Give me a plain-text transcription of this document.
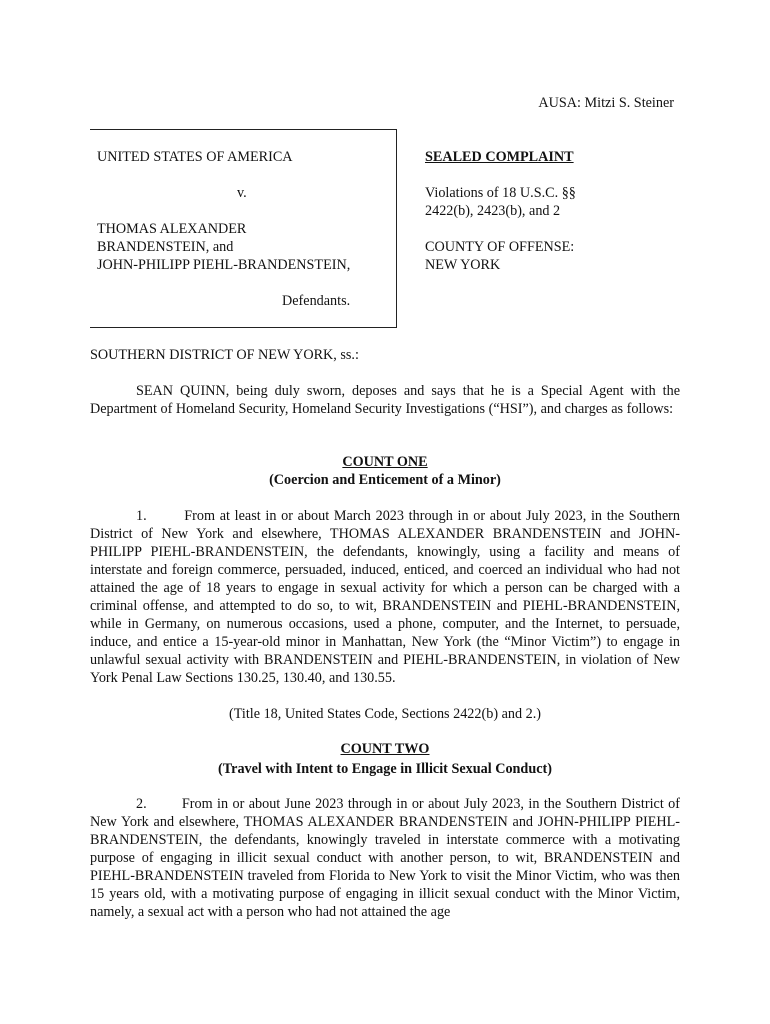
AUSA: Mitzi S. Steiner
UNITED STATES OF AMERICA
v.
THOMAS ALEXANDER
BRANDENSTEIN, and
JOHN-PHILIPP PIEHL-BRANDENSTEIN,
Defendants.
SEALED COMPLAINT
Violations of 18 U.S.C. §§
2422(b), 2423(b), and 2
COUNTY OF OFFENSE:
NEW YORK
SOUTHERN DISTRICT OF NEW YORK, ss.:
SEAN QUINN, being duly sworn, deposes and says that he is a Special Agent with the Department of Homeland Security, Homeland Security Investigations (“HSI”), and charges as follows:
COUNT ONE
(Coercion and Enticement of a Minor)
1.        From at least in or about March 2023 through in or about July 2023, in the Southern District of New York and elsewhere, THOMAS ALEXANDER BRANDENSTEIN and JOHN-PHILIPP PIEHL-BRANDENSTEIN, the defendants, knowingly, using a facility and means of interstate and foreign commerce, persuaded, induced, enticed, and coerced an individual who had not attained the age of 18 years to engage in sexual activity for which a person can be charged with a criminal offense, and attempted to do so, to wit, BRANDENSTEIN and PIEHL-BRANDENSTEIN, while in Germany, on numerous occasions, used a phone, computer, and the Internet, to persuade, induce, and entice a 15-year-old minor in Manhattan, New York (the “Minor Victim”) to engage in unlawful sexual activity with BRANDENSTEIN and PIEHL-BRANDENSTEIN, in violation of New York Penal Law Sections 130.25, 130.40, and 130.55.
(Title 18, United States Code, Sections 2422(b) and 2.)
COUNT TWO
(Travel with Intent to Engage in Illicit Sexual Conduct)
2.        From in or about June 2023 through in or about July 2023, in the Southern District of New York and elsewhere, THOMAS ALEXANDER BRANDENSTEIN and JOHN-PHILIPP PIEHL-BRANDENSTEIN, the defendants, knowingly traveled in interstate commerce with a motivating purpose of engaging in illicit sexual conduct with another person, to wit, BRANDENSTEIN and PIEHL-BRANDENSTEIN traveled from Florida to New York to visit the Minor Victim, who was then 15 years old, with a motivating purpose of engaging in illicit sexual conduct with the Minor Victim, namely, a sexual act with a person who had not attained the age
